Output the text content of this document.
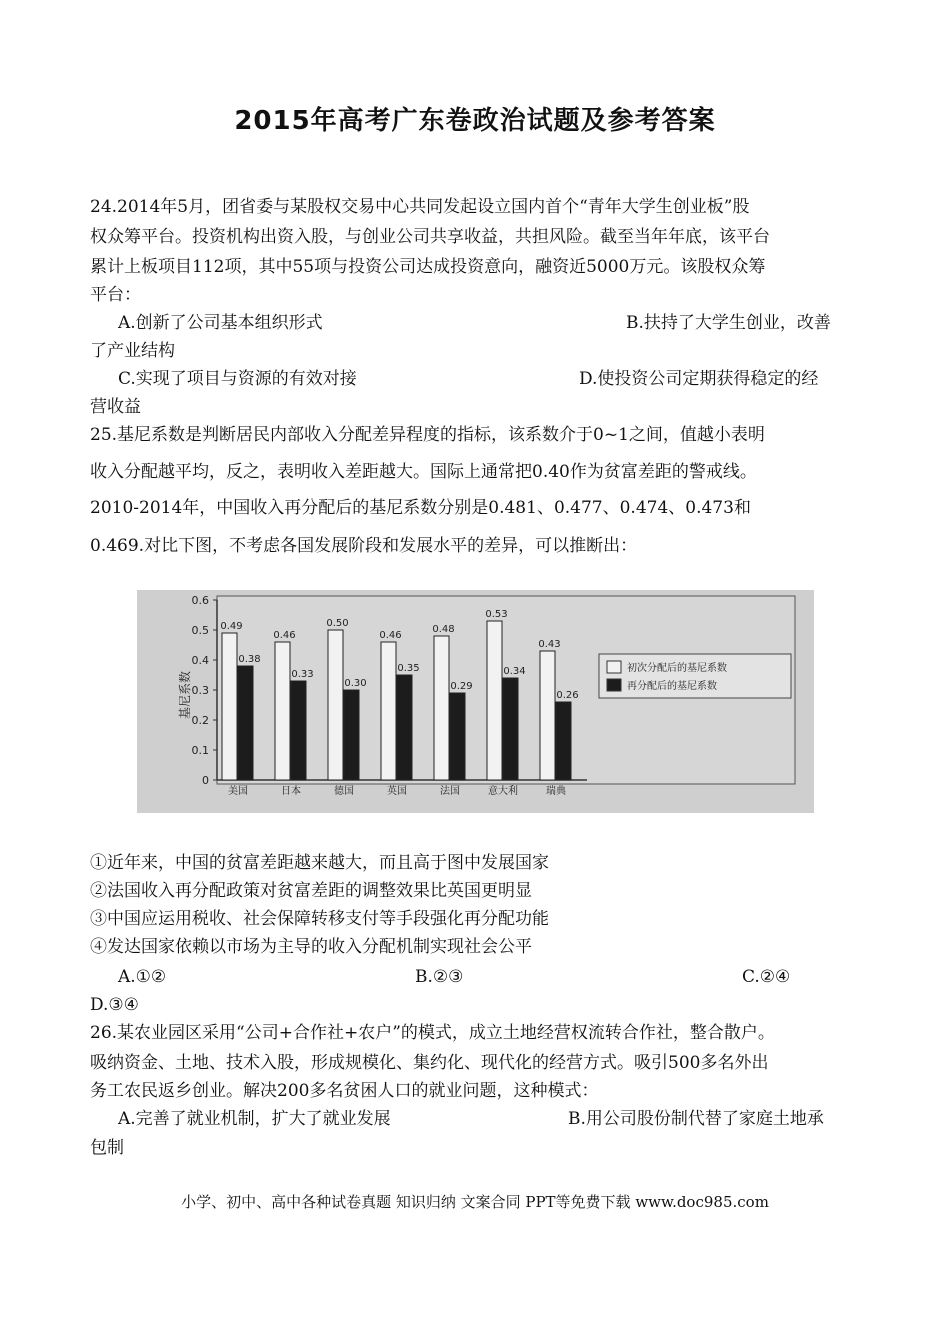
2015年高考广东卷政治试题及参考答案
24.2014年5月，团省委与某股权交易中心共同发起设立国内首个“青年大学生创业板”股
权众筹平台。投资机构出资入股，与创业公司共享收益，共担风险。截至当年年底，该平台
累计上板项目112项，其中55项与投资公司达成投资意向，融资近5000万元。该股权众筹
平台：
A.创新了公司基本组织形式	B.扶持了大学生创业，改善
了产业结构
C.实现了项目与资源的有效对接	D.使投资公司定期获得稳定的经
营收益
25.基尼系数是判断居民内部收入分配差异程度的指标，该系数介于0~1之间，值越小表明
收入分配越平均，反之，表明收入差距越大。国际上通常把0.40作为贫富差距的警戒线。
2010-2014年，中国收入再分配后的基尼系数分别是0.481、0.477、0.474、0.473和
0.469.对比下图，不考虑各国发展阶段和发展水平的差异，可以推断出：
基尼系数
0
0.1
0.2
0.3
0.4
0.5
0.6
0.49
0.38
美国
0.46
0.33
日本
0.50
0.30
德国
0.46
0.35
英国
0.48
0.29
法国
0.53
0.34
意大利
0.43
0.26
瑞典
初次分配后的基尼系数
再分配后的基尼系数
①近年来，中国的贫富差距越来越大，而且高于图中发展国家
②法国收入再分配政策对贫富差距的调整效果比英国更明显
③中国应运用税收、社会保障转移支付等手段强化再分配功能
④发达国家依赖以市场为主导的收入分配机制实现社会公平
A.①②	B.②③	C.②④
D.③④
26.某农业园区采用“公司+合作社+农户”的模式，成立土地经营权流转合作社，整合散户。
吸纳资金、土地、技术入股，形成规模化、集约化、现代化的经营方式。吸引500多名外出
务工农民返乡创业。解决200多名贫困人口的就业问题，这种模式：
A.完善了就业机制，扩大了就业发展	B.用公司股份制代替了家庭土地承
包制
小学、初中、高中各种试卷真题 知识归纳 文案合同 PPT等免费下载 www.doc985.com
